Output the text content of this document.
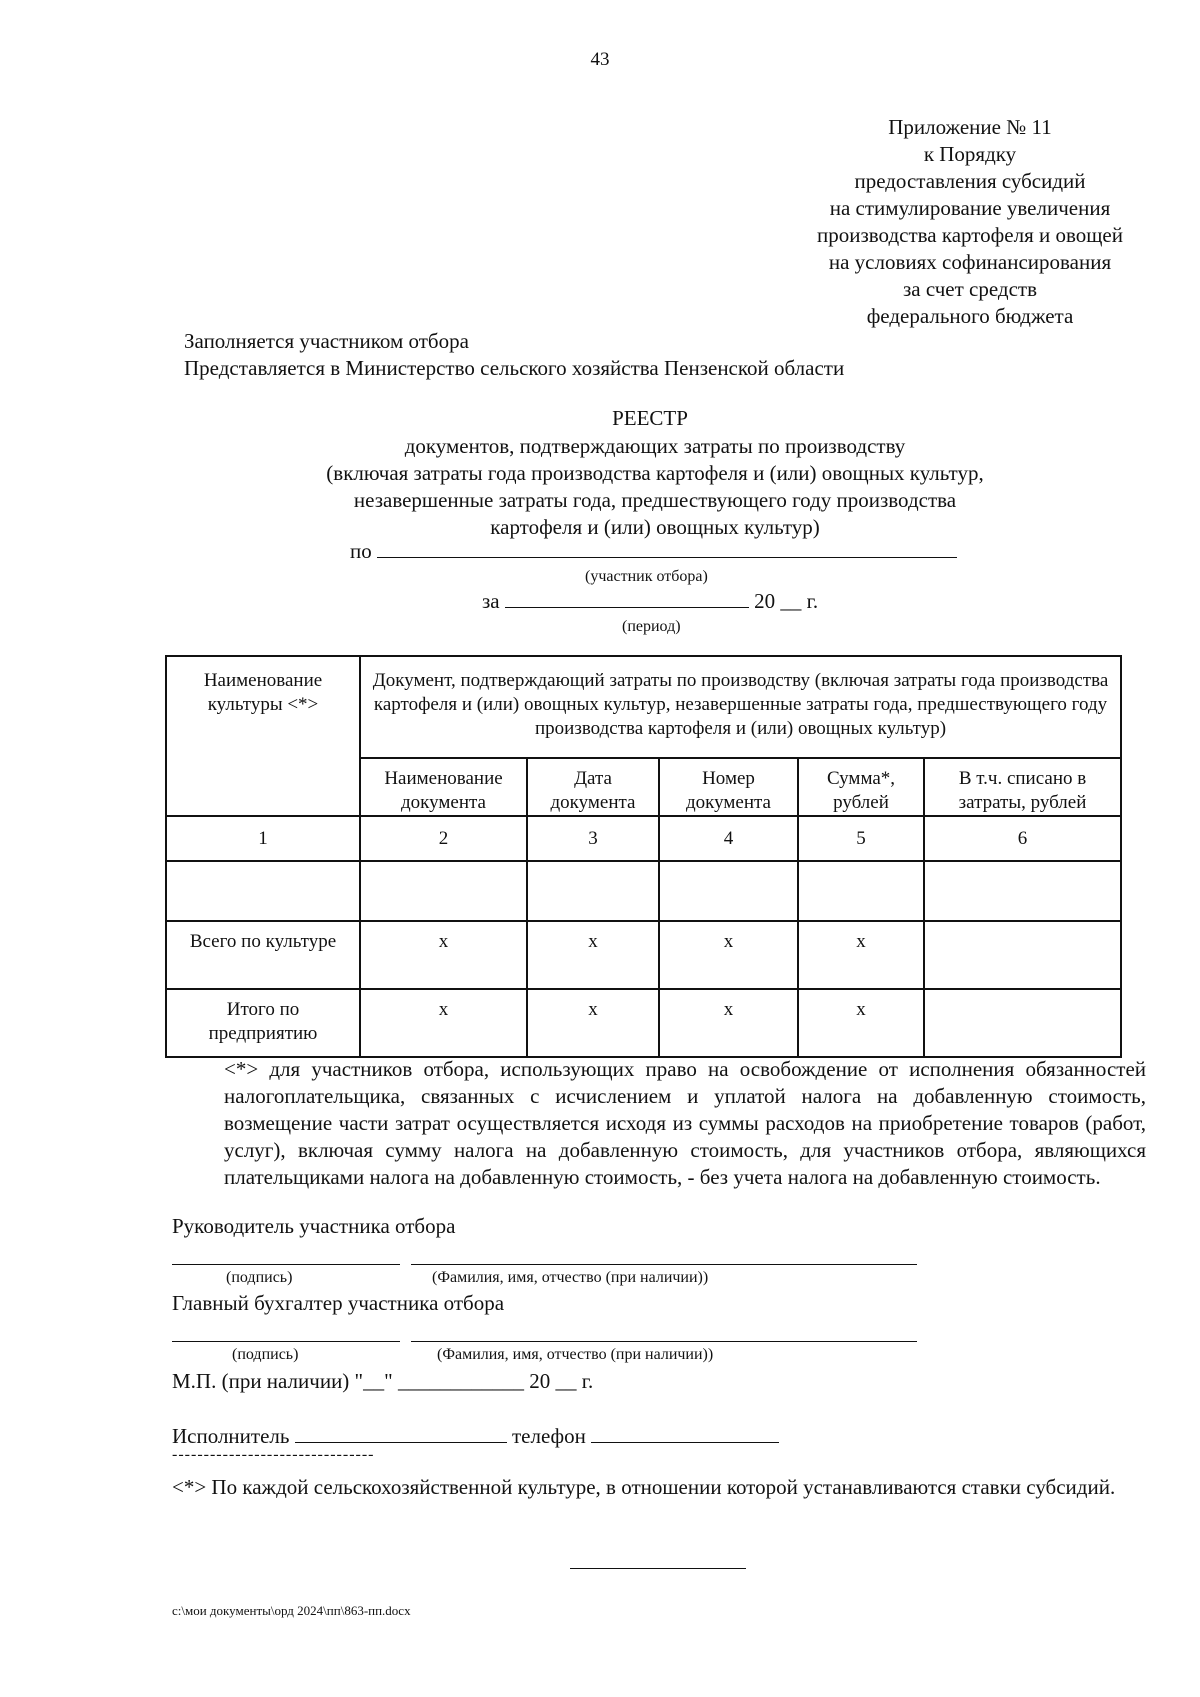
43
Приложение № 11
к Порядку
предоставления субсидий
на стимулирование увеличения
производства картофеля и овощей
на условиях софинансирования
за счет средств
федерального бюджета
Заполняется участником отбора
Представляется в Министерство сельского хозяйства Пензенской области
РЕЕСТР
документов, подтверждающих затраты по производству
(включая затраты года производства картофеля и (или) овощных культур,
незавершенные затраты года, предшествующего году производства
картофеля и (или) овощных культур)
по
(участник отбора)
за	20 __ г.
(период)
Наименование культуры <*>	Документ, подтверждающий затраты по производству (включая затраты года производства картофеля и (или) овощных культур, незавершенные затраты года, предшествующего году производства картофеля и (или) овощных культур)				
	Наименование документа	Дата документа	Номер документа	Сумма*, рублей	В т.ч. списано в затраты, рублей
1	2	3	4	5	6

Всего по культуре	х	х	х	х	
Итого по предприятию	х	х	х	х	
<*> для участников отбора, использующих право на освобождение от исполнения обязанностей налогоплательщика, связанных с исчислением и уплатой налога на добавленную стоимость, возмещение части затрат осуществляется исходя из суммы расходов на приобретение товаров (работ, услуг), включая сумму налога на добавленную стоимость, для участников отбора, являющихся плательщиками налога на добавленную стоимость, - без учета налога на добавленную стоимость.
Руководитель участника отбора

(подпись)	(Фамилия, имя, отчество (при наличии))
Главный бухгалтер участника отбора

(подпись)	(Фамилия, имя, отчество (при наличии))
М.П. (при наличии) "__" ____________ 20 __ г.
Исполнитель	телефон
--------------------------------
<*> По каждой сельскохозяйственной культуре, в отношении которой устанавливаются ставки субсидий.
c:\мои документы\орд 2024\пп\863-пп.docx
